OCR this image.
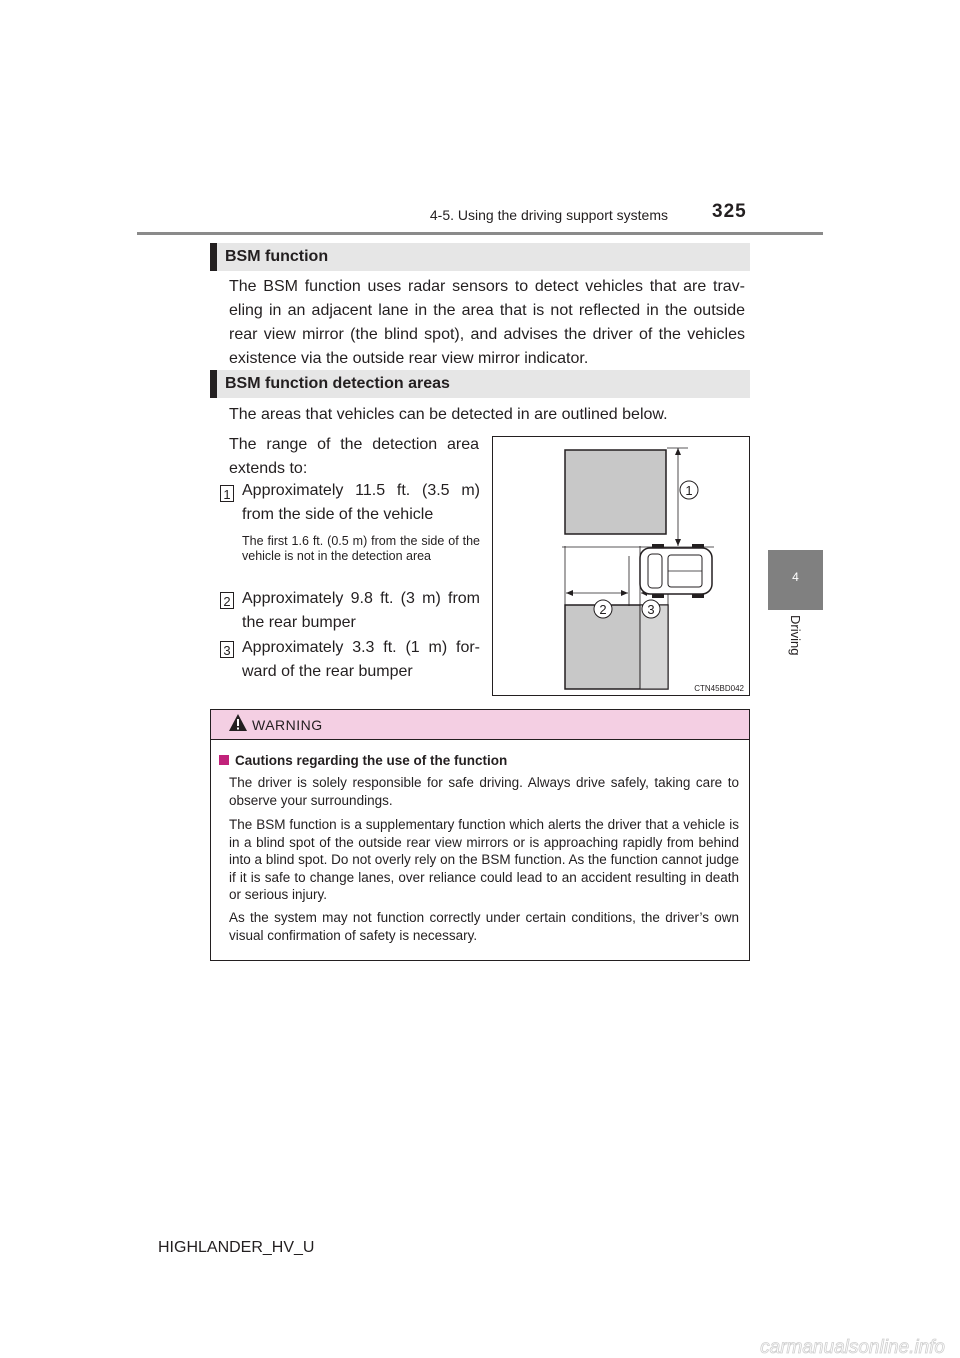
4-5. Using the driving support systems 325
4
Driving
BSM function
The BSM function uses radar sensors to detect vehicles that are trav-eling in an adjacent lane in the area that is not reflected in the outside rear view mirror (the blind spot), and advises the driver of the vehicles existence via the outside rear view mirror indicator.
BSM function detection areas
The areas that vehicles can be detected in are outlined below.
The range of the detection area
extends to:
1 Approximately 11.5 ft. (3.5 m) from the side of the vehicle
The first 1.6 ft. (0.5 m) from the side of the vehicle is not in the detection area
2 Approximately 9.8 ft. (3 m) from the rear bumper
3 Approximately 3.3 ft. (1 m) for-ward of the rear bumper
1
2	3
CTN45BD042
WARNING
Cautions regarding the use of the function
The driver is solely responsible for safe driving. Always drive safely, taking care to observe your surroundings.
The BSM function is a supplementary function which alerts the driver that a vehicle is in a blind spot of the outside rear view mirrors or is approaching rapidly from behind into a blind spot. Do not overly rely on the BSM function. As the function cannot judge if it is safe to change lanes, over reliance could lead to an accident resulting in death or serious injury.
As the system may not function correctly under certain conditions, the driver’s own visual confirmation of safety is necessary.
HIGHLANDER_HV_U
carmanualsonline.info
